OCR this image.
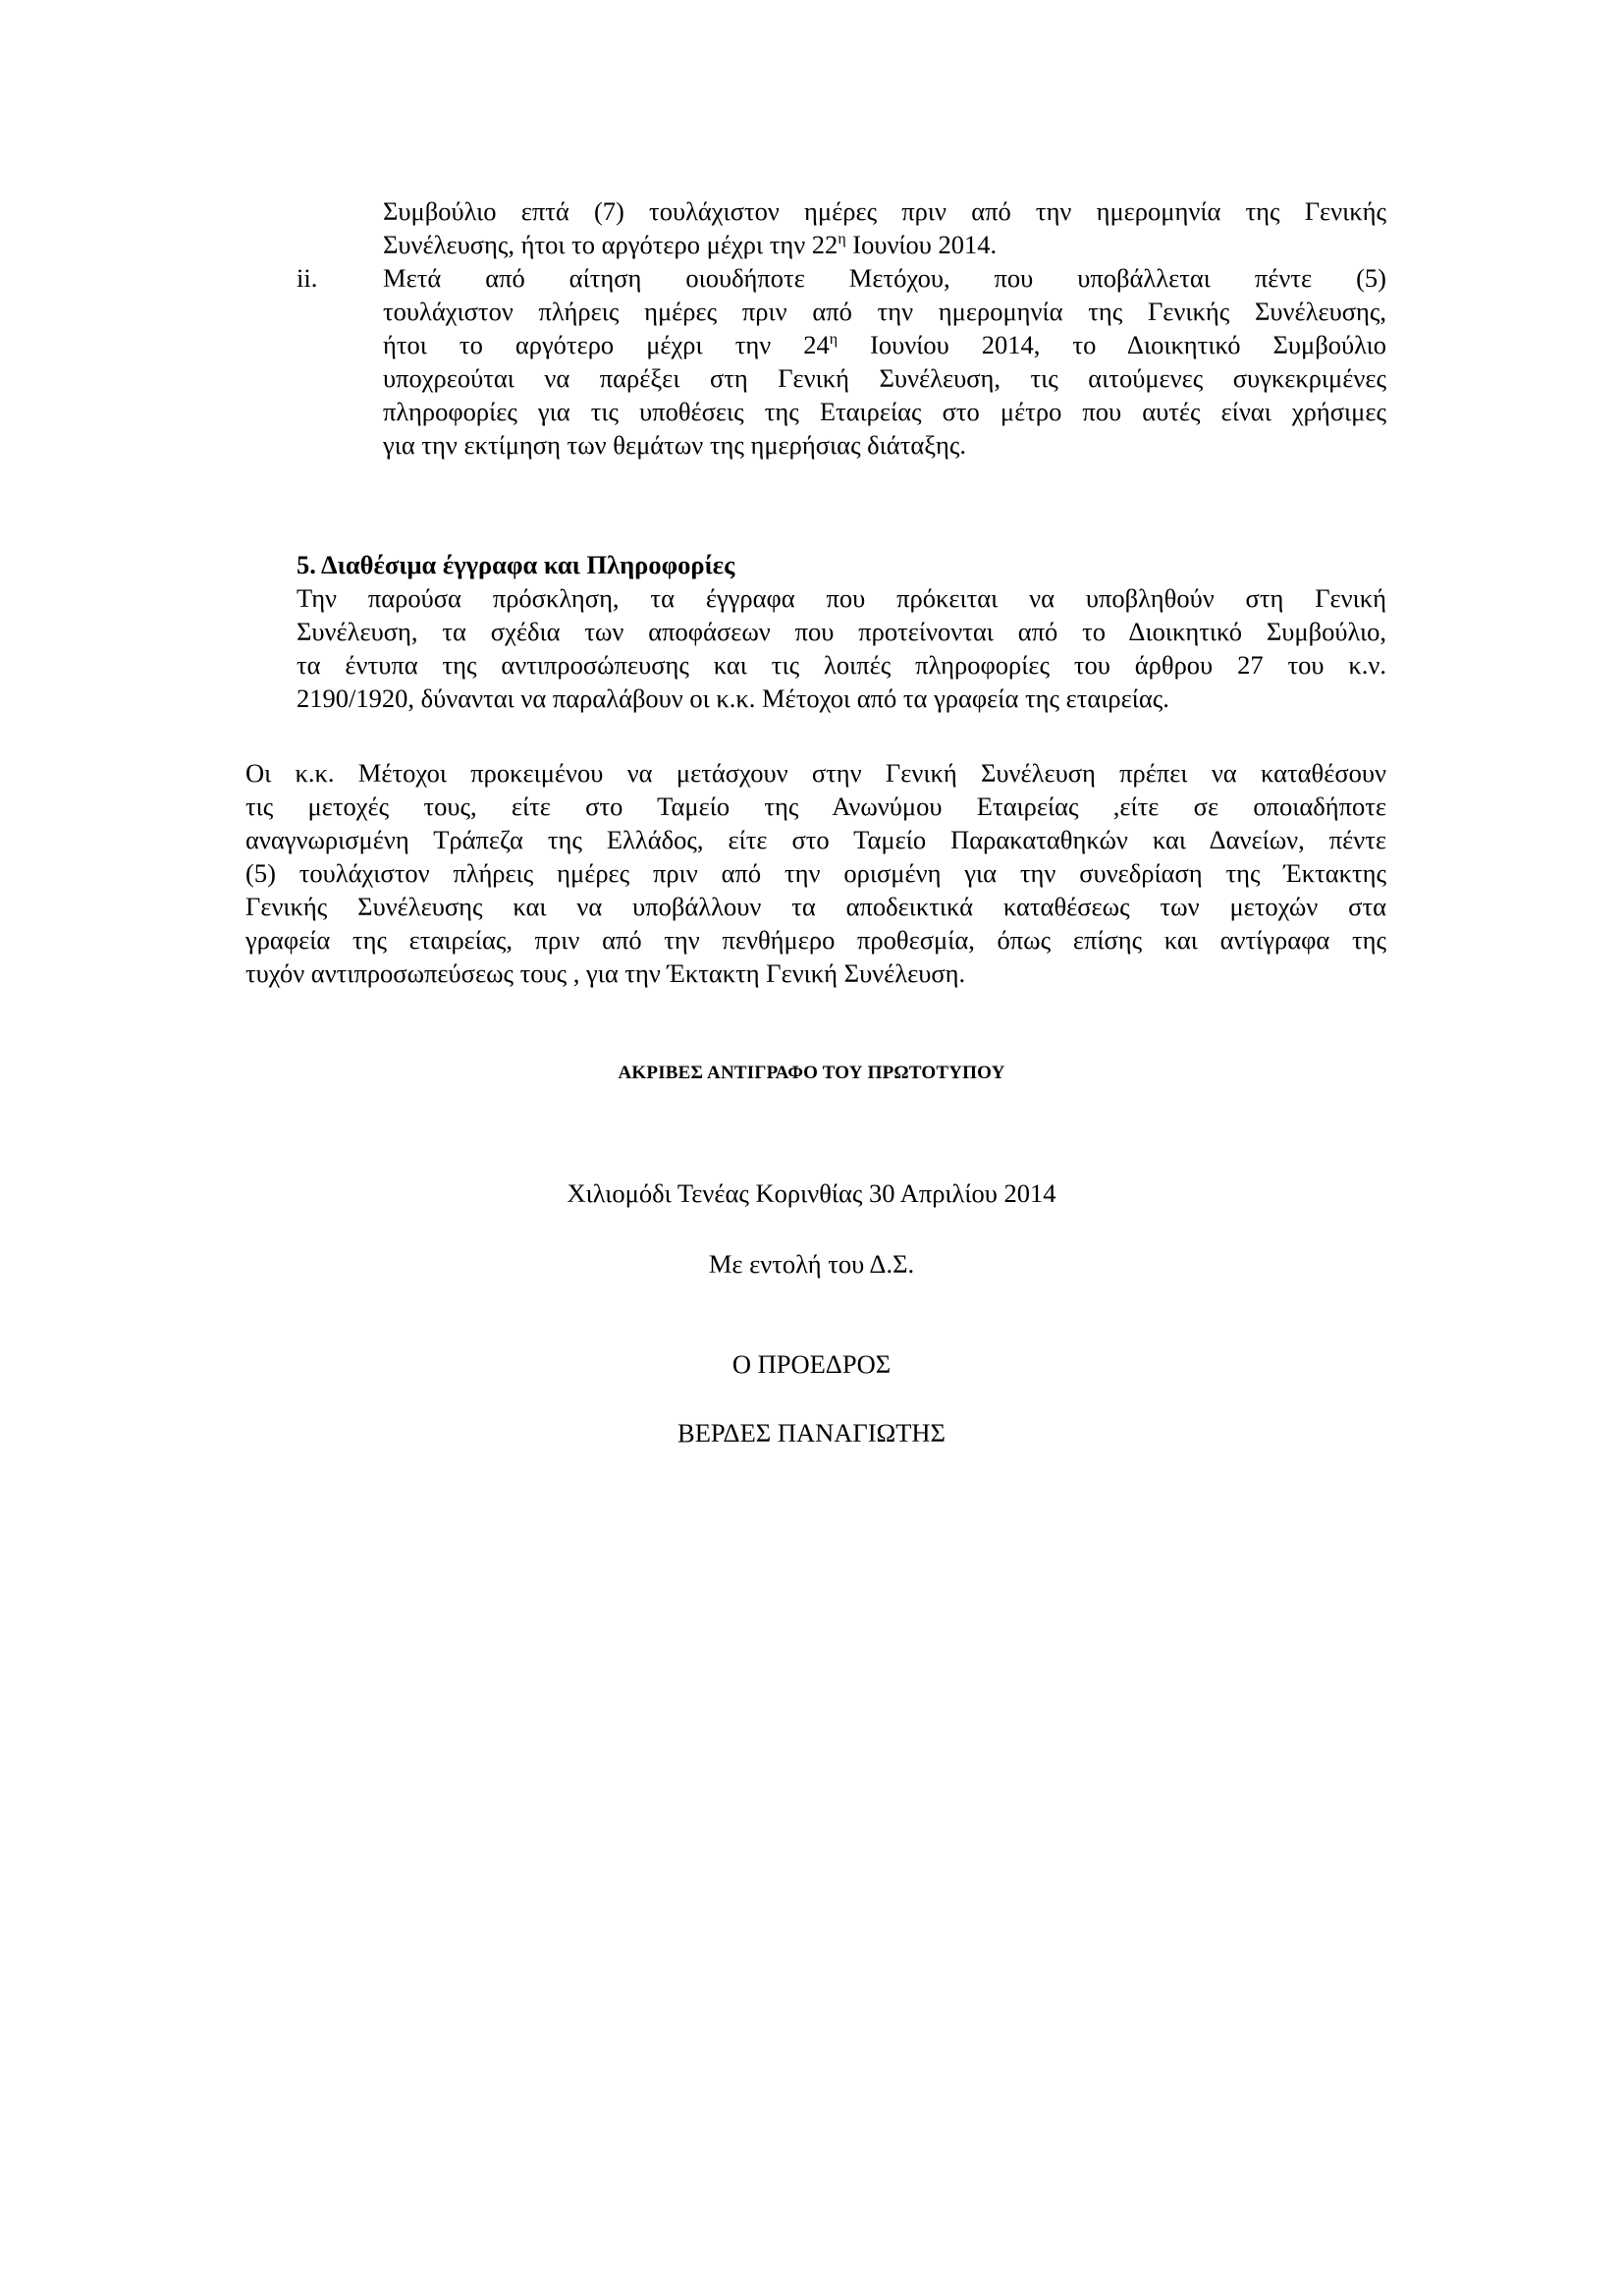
Συμβούλιο επτά (7) τουλάχιστον ημέρες πριν από την ημερομηνία της Γενικής
Συνέλευσης, ήτοι το αργότερο μέχρι την $22^\eta$ Ιουνίου 2014.
ii.	Μετά από αίτηση οιουδήποτε Μετόχου, που υποβάλλεται πέντε (5)
τουλάχιστον πλήρεις ημέρες πριν από την ημερομηνία της Γενικής Συνέλευσης,
ήτοι το αργότερο μέχρι την $24^\eta$ Ιουνίου 2014, το Διοικητικό Συμβούλιο
υποχρεούται να παρέξει στη Γενική Συνέλευση, τις αιτούμενες συγκεκριμένες
πληροφορίες για τις υποθέσεις της Εταιρείας στο μέτρο που αυτές είναι χρήσιμες
για την εκτίμηση των θεμάτων της ημερήσιας διάταξης.
5. Διαθέσιμα έγγραφα και Πληροφορίες
Την παρούσα πρόσκληση, τα έγγραφα που πρόκειται να υποβληθούν στη Γενική
Συνέλευση, τα σχέδια των αποφάσεων που προτείνονται από το Διοικητικό Συμβούλιο,
τα έντυπα της αντιπροσώπευσης και τις λοιπές πληροφορίες του άρθρου 27 του κ.ν.
2190/1920, δύνανται να παραλάβουν οι κ.κ. Μέτοχοι από τα γραφεία της εταιρείας.
Οι κ.κ. Μέτοχοι προκειμένου να μετάσχουν στην Γενική Συνέλευση πρέπει να καταθέσουν
τις μετοχές τους, είτε στο Ταμείο της Ανωνύμου Εταιρείας ,είτε σε οποιαδήποτε
αναγνωρισμένη Τράπεζα της Ελλάδος, είτε στο Ταμείο Παρακαταθηκών και Δανείων, πέντε
(5) τουλάχιστον πλήρεις ημέρες πριν από την ορισμένη για την συνεδρίαση της Έκτακτης
Γενικής Συνέλευσης και να υποβάλλουν τα αποδεικτικά καταθέσεως των μετοχών στα
γραφεία της εταιρείας, πριν από την πενθήμερο προθεσμία, όπως επίσης και αντίγραφα της
τυχόν αντιπροσωπεύσεως τους , για την Έκτακτη Γενική Συνέλευση.
ΑΚΡΙΒΕΣ ΑΝΤΙΓΡΑΦΟ ΤΟΥ ΠΡΩΤΟΤΥΠΟΥ
Χιλιομόδι Τενέας Κορινθίας 30 Απριλίου 2014
Με εντολή του Δ.Σ.
Ο ΠΡΟΕΔΡΟΣ
ΒΕΡΔΕΣ ΠΑΝΑΓΙΩΤΗΣ
